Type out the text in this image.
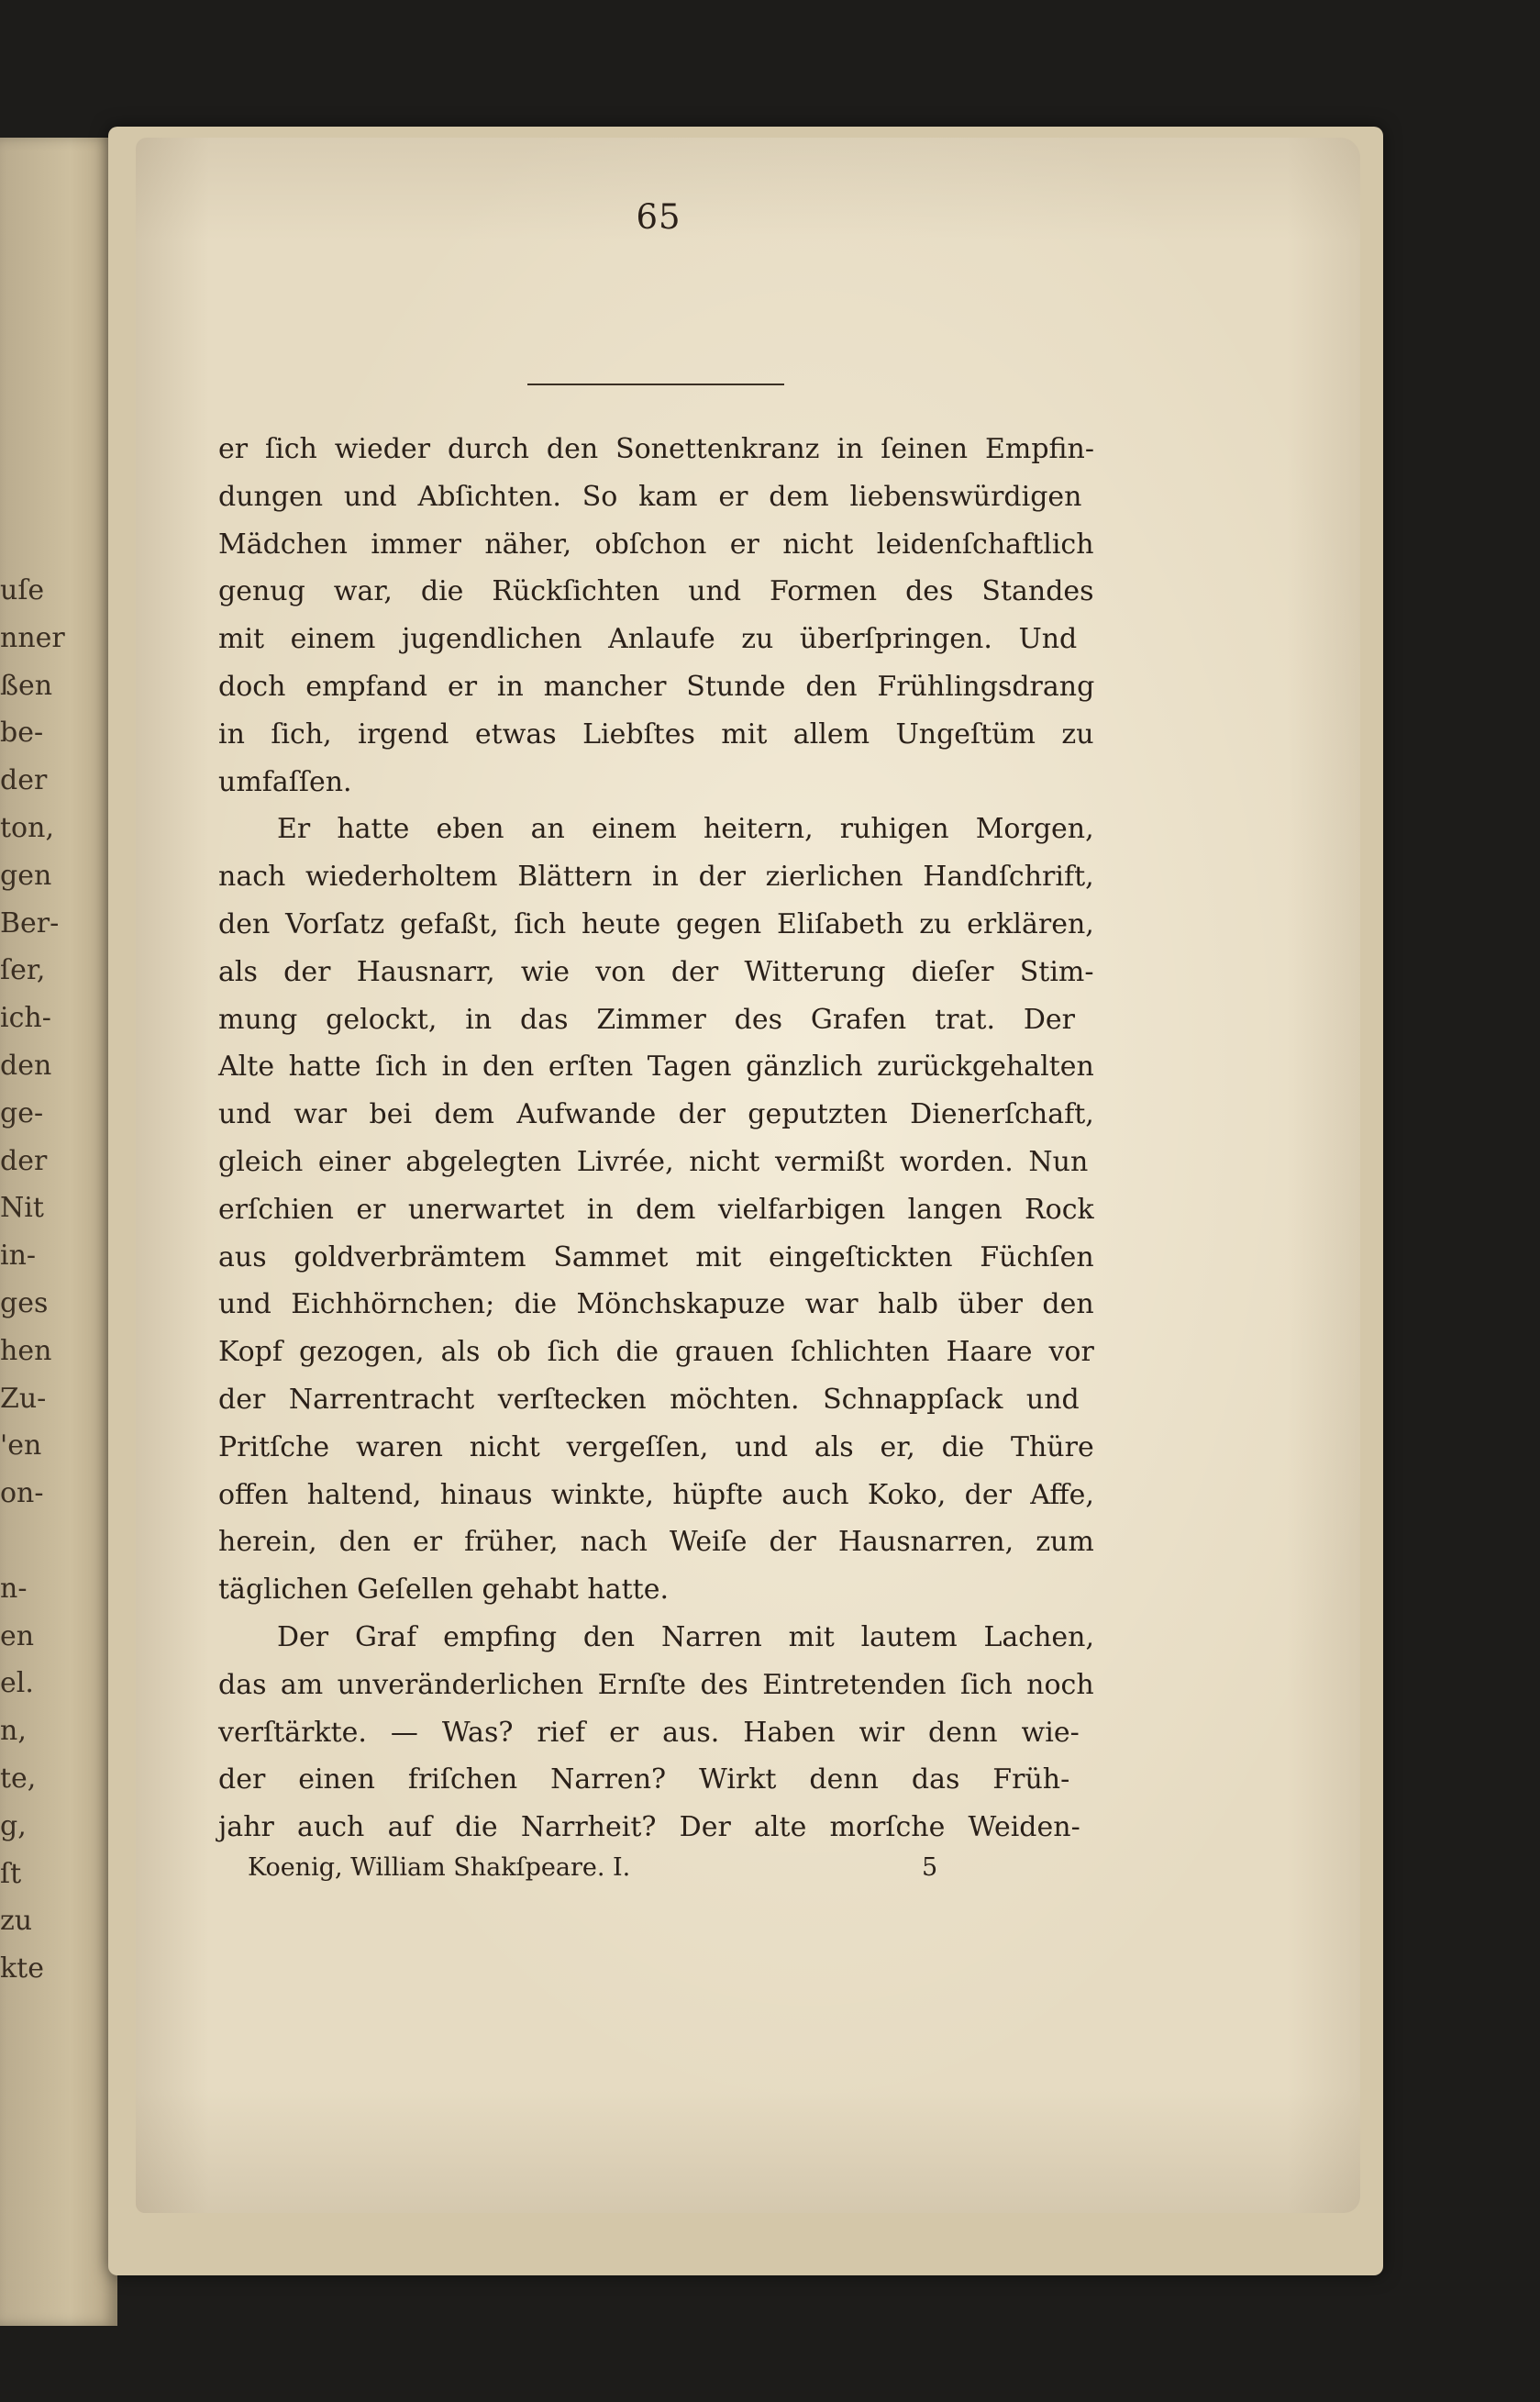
uſe
nner
ßen
be-
der
ton,
gen
Ber-
ſer,
ich-
den
ge-
der
Nit
in-
ges
hen
Zu-
'en
on-

n-
en
el.
n,
te,
g,
ſt
zu
kte
65
er ſich wieder durch den Sonettenkranz in ſeinen Empfin-
dungen und Abſichten. So kam er dem liebenswürdigen
Mädchen immer näher, obſchon er nicht leidenſchaftlich
genug war, die Rückſichten und Formen des Standes
mit einem jugendlichen Anlaufe zu überſpringen. Und
doch empfand er in mancher Stunde den Frühlingsdrang
in ſich, irgend etwas Liebſtes mit allem Ungeſtüm zu
umfaſſen.
Er hatte eben an einem heitern, ruhigen Morgen,
nach wiederholtem Blättern in der zierlichen Handſchrift,
den Vorſatz gefaßt, ſich heute gegen Eliſabeth zu erklären,
als der Hausnarr, wie von der Witterung dieſer Stim-
mung gelockt, in das Zimmer des Grafen trat. Der
Alte hatte ſich in den erſten Tagen gänzlich zurückgehalten
und war bei dem Aufwande der geputzten Dienerſchaft,
gleich einer abgelegten Livrée, nicht vermißt worden. Nun
erſchien er unerwartet in dem vielfarbigen langen Rock
aus goldverbrämtem Sammet mit eingeſtickten Füchſen
und Eichhörnchen; die Mönchskapuze war halb über den
Kopf gezogen, als ob ſich die grauen ſchlichten Haare vor
der Narrentracht verſtecken möchten. Schnappſack und
Pritſche waren nicht vergeſſen, und als er, die Thüre
offen haltend, hinaus winkte, hüpfte auch Koko, der Affe,
herein, den er früher, nach Weiſe der Hausnarren, zum
täglichen Geſellen gehabt hatte.
Der Graf empfing den Narren mit lautem Lachen,
das am unveränderlichen Ernſte des Eintretenden ſich noch
verſtärkte. — Was? rief er aus. Haben wir denn wie-
der einen friſchen Narren? Wirkt denn das Früh-
jahr auch auf die Narrheit? Der alte morſche Weiden-
Koenig, William Shakſpeare. I.	5
